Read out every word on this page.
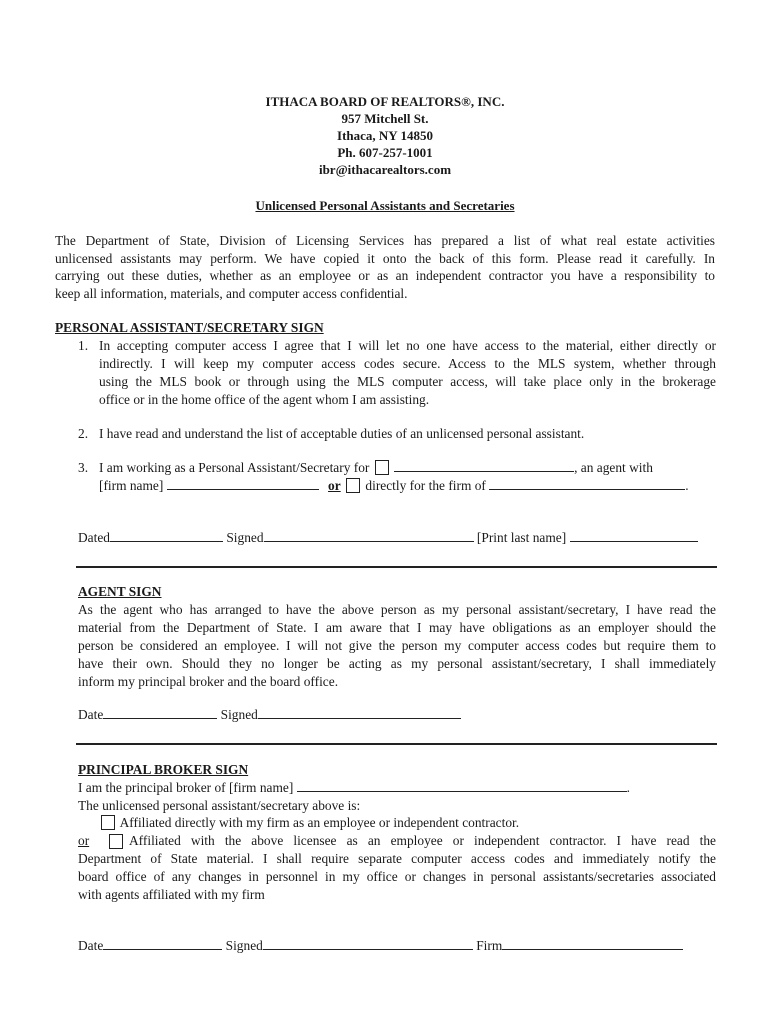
ITHACA BOARD OF REALTORS®, INC.
957 Mitchell St.
Ithaca, NY 14850
Ph. 607-257-1001
ibr@ithacarealtors.com
Unlicensed Personal Assistants and Secretaries
The Department of State, Division of Licensing Services has prepared a list of what real estate activities
unlicensed assistants may perform. We have copied it onto the back of this form. Please read it carefully. In
carrying out these duties, whether as an employee or as an independent contractor you have a responsibility to
keep all information, materials, and computer access confidential.
PERSONAL ASSISTANT/SECRETARY SIGN
1. In accepting computer access I agree that I will let no one have access to the material, either directly or
indirectly. I will keep my computer access codes secure. Access to the MLS system, whether through
using the MLS book or through using the MLS computer access, will take place only in the brokerage
office or in the home office of the agent whom I am assisting.
2. I have read and understand the list of acceptable duties of an unlicensed personal assistant.
3. I am working as a Personal Assistant/Secretary for	, an agent with
[firm name]	or directly for the firm of	.
Dated	Signed	[Print last name]
AGENT SIGN
As the agent who has arranged to have the above person as my personal assistant/secretary, I have read the
material from the Department of State. I am aware that I may have obligations as an employer should the
person be considered an employee. I will not give the person my computer access codes but require them to
have their own. Should they no longer be acting as my personal assistant/secretary, I shall immediately
inform my principal broker and the board office.
Date	Signed
PRINCIPAL BROKER SIGN
I am the principal broker of [firm name]	.
The unlicensed personal assistant/secretary above is:
Affiliated directly with my firm as an employee or independent contractor.
or	Affiliated with the above licensee as an employee or independent contractor. I have read the
Department of State material. I shall require separate computer access codes and immediately notify the
board office of any changes in personnel in my office or changes in personal assistants/secretaries associated
with agents affiliated with my firm
Date	Signed	Firm
